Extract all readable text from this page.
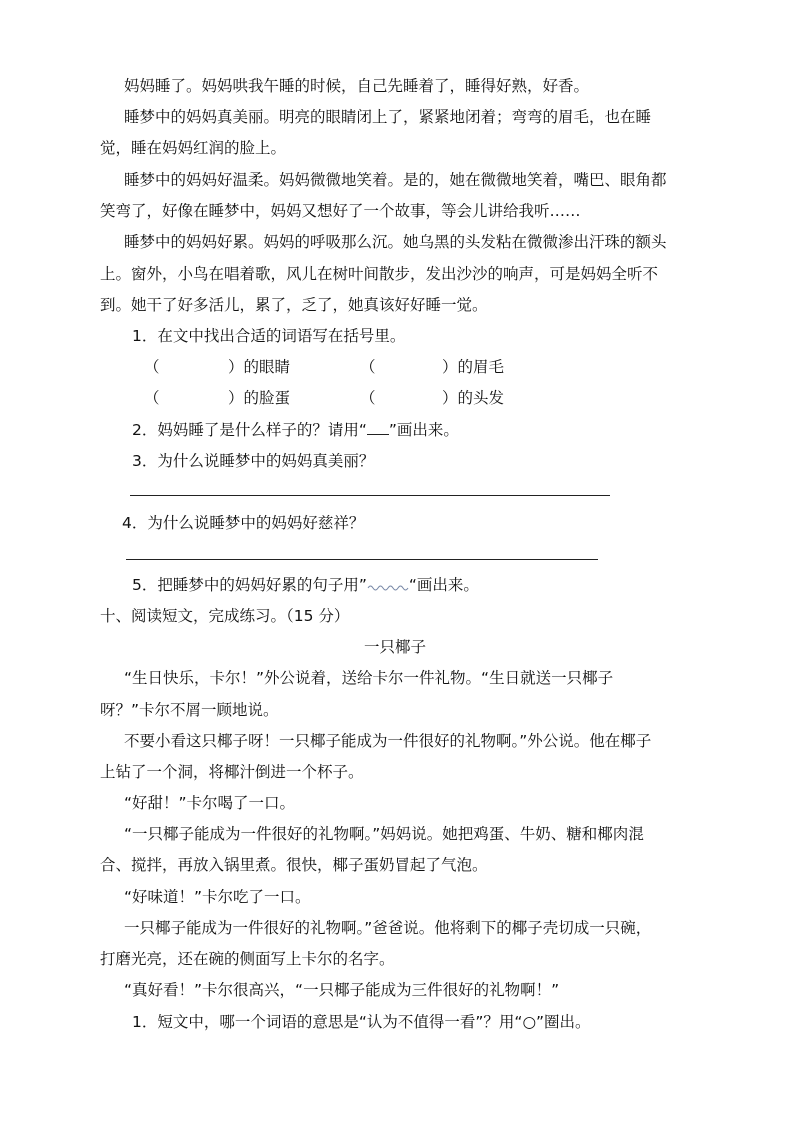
妈妈睡了。妈妈哄我午睡的时候，自己先睡着了，睡得好熟，好香。
睡梦中的妈妈真美丽。明亮的眼睛闭上了，紧紧地闭着；弯弯的眉毛，也在睡
觉，睡在妈妈红润的脸上。
睡梦中的妈妈好温柔。妈妈微微地笑着。是的，她在微微地笑着，嘴巴、眼角都
笑弯了，好像在睡梦中，妈妈又想好了一个故事，等会儿讲给我听……
睡梦中的妈妈好累。妈妈的呼吸那么沉。她乌黑的头发粘在微微渗出汗珠的额头
上。窗外，小鸟在唱着歌，风儿在树叶间散步，发出沙沙的响声，可是妈妈全听不
到。她干了好多活儿，累了，乏了，她真该好好睡一觉。
1．在文中找出合适的词语写在括号里。
（	）的眼睛	（	）的眉毛
（	）的脸蛋	（	）的头发
2．妈妈睡了是什么样子的？请用“ ”画出来。
3．为什么说睡梦中的妈妈真美丽？
4．为什么说睡梦中的妈妈好慈祥？
5．把睡梦中的妈妈好累的句子用”	“画出来。
十、阅读短文，完成练习。（15 分）
一只椰子
“生日快乐，卡尔！”外公说着，送给卡尔一件礼物。“生日就送一只椰子
呀？”卡尔不屑一顾地说。
不要小看这只椰子呀！一只椰子能成为一件很好的礼物啊。”外公说。他在椰子
上钻了一个洞，将椰汁倒进一个杯子。
“好甜！”卡尔喝了一口。
“一只椰子能成为一件很好的礼物啊。”妈妈说。她把鸡蛋、牛奶、糖和椰肉混
合、搅拌，再放入锅里煮。很快，椰子蛋奶冒起了气泡。
“好味道！”卡尔吃了一口。
一只椰子能成为一件很好的礼物啊。”爸爸说。他将剩下的椰子壳切成一只碗，
打磨光亮，还在碗的侧面写上卡尔的名字。
“真好看！”卡尔很高兴，“一只椰子能成为三件很好的礼物啊！”
1．短文中，哪一个词语的意思是“认为不值得一看”？用“○”圈出。
